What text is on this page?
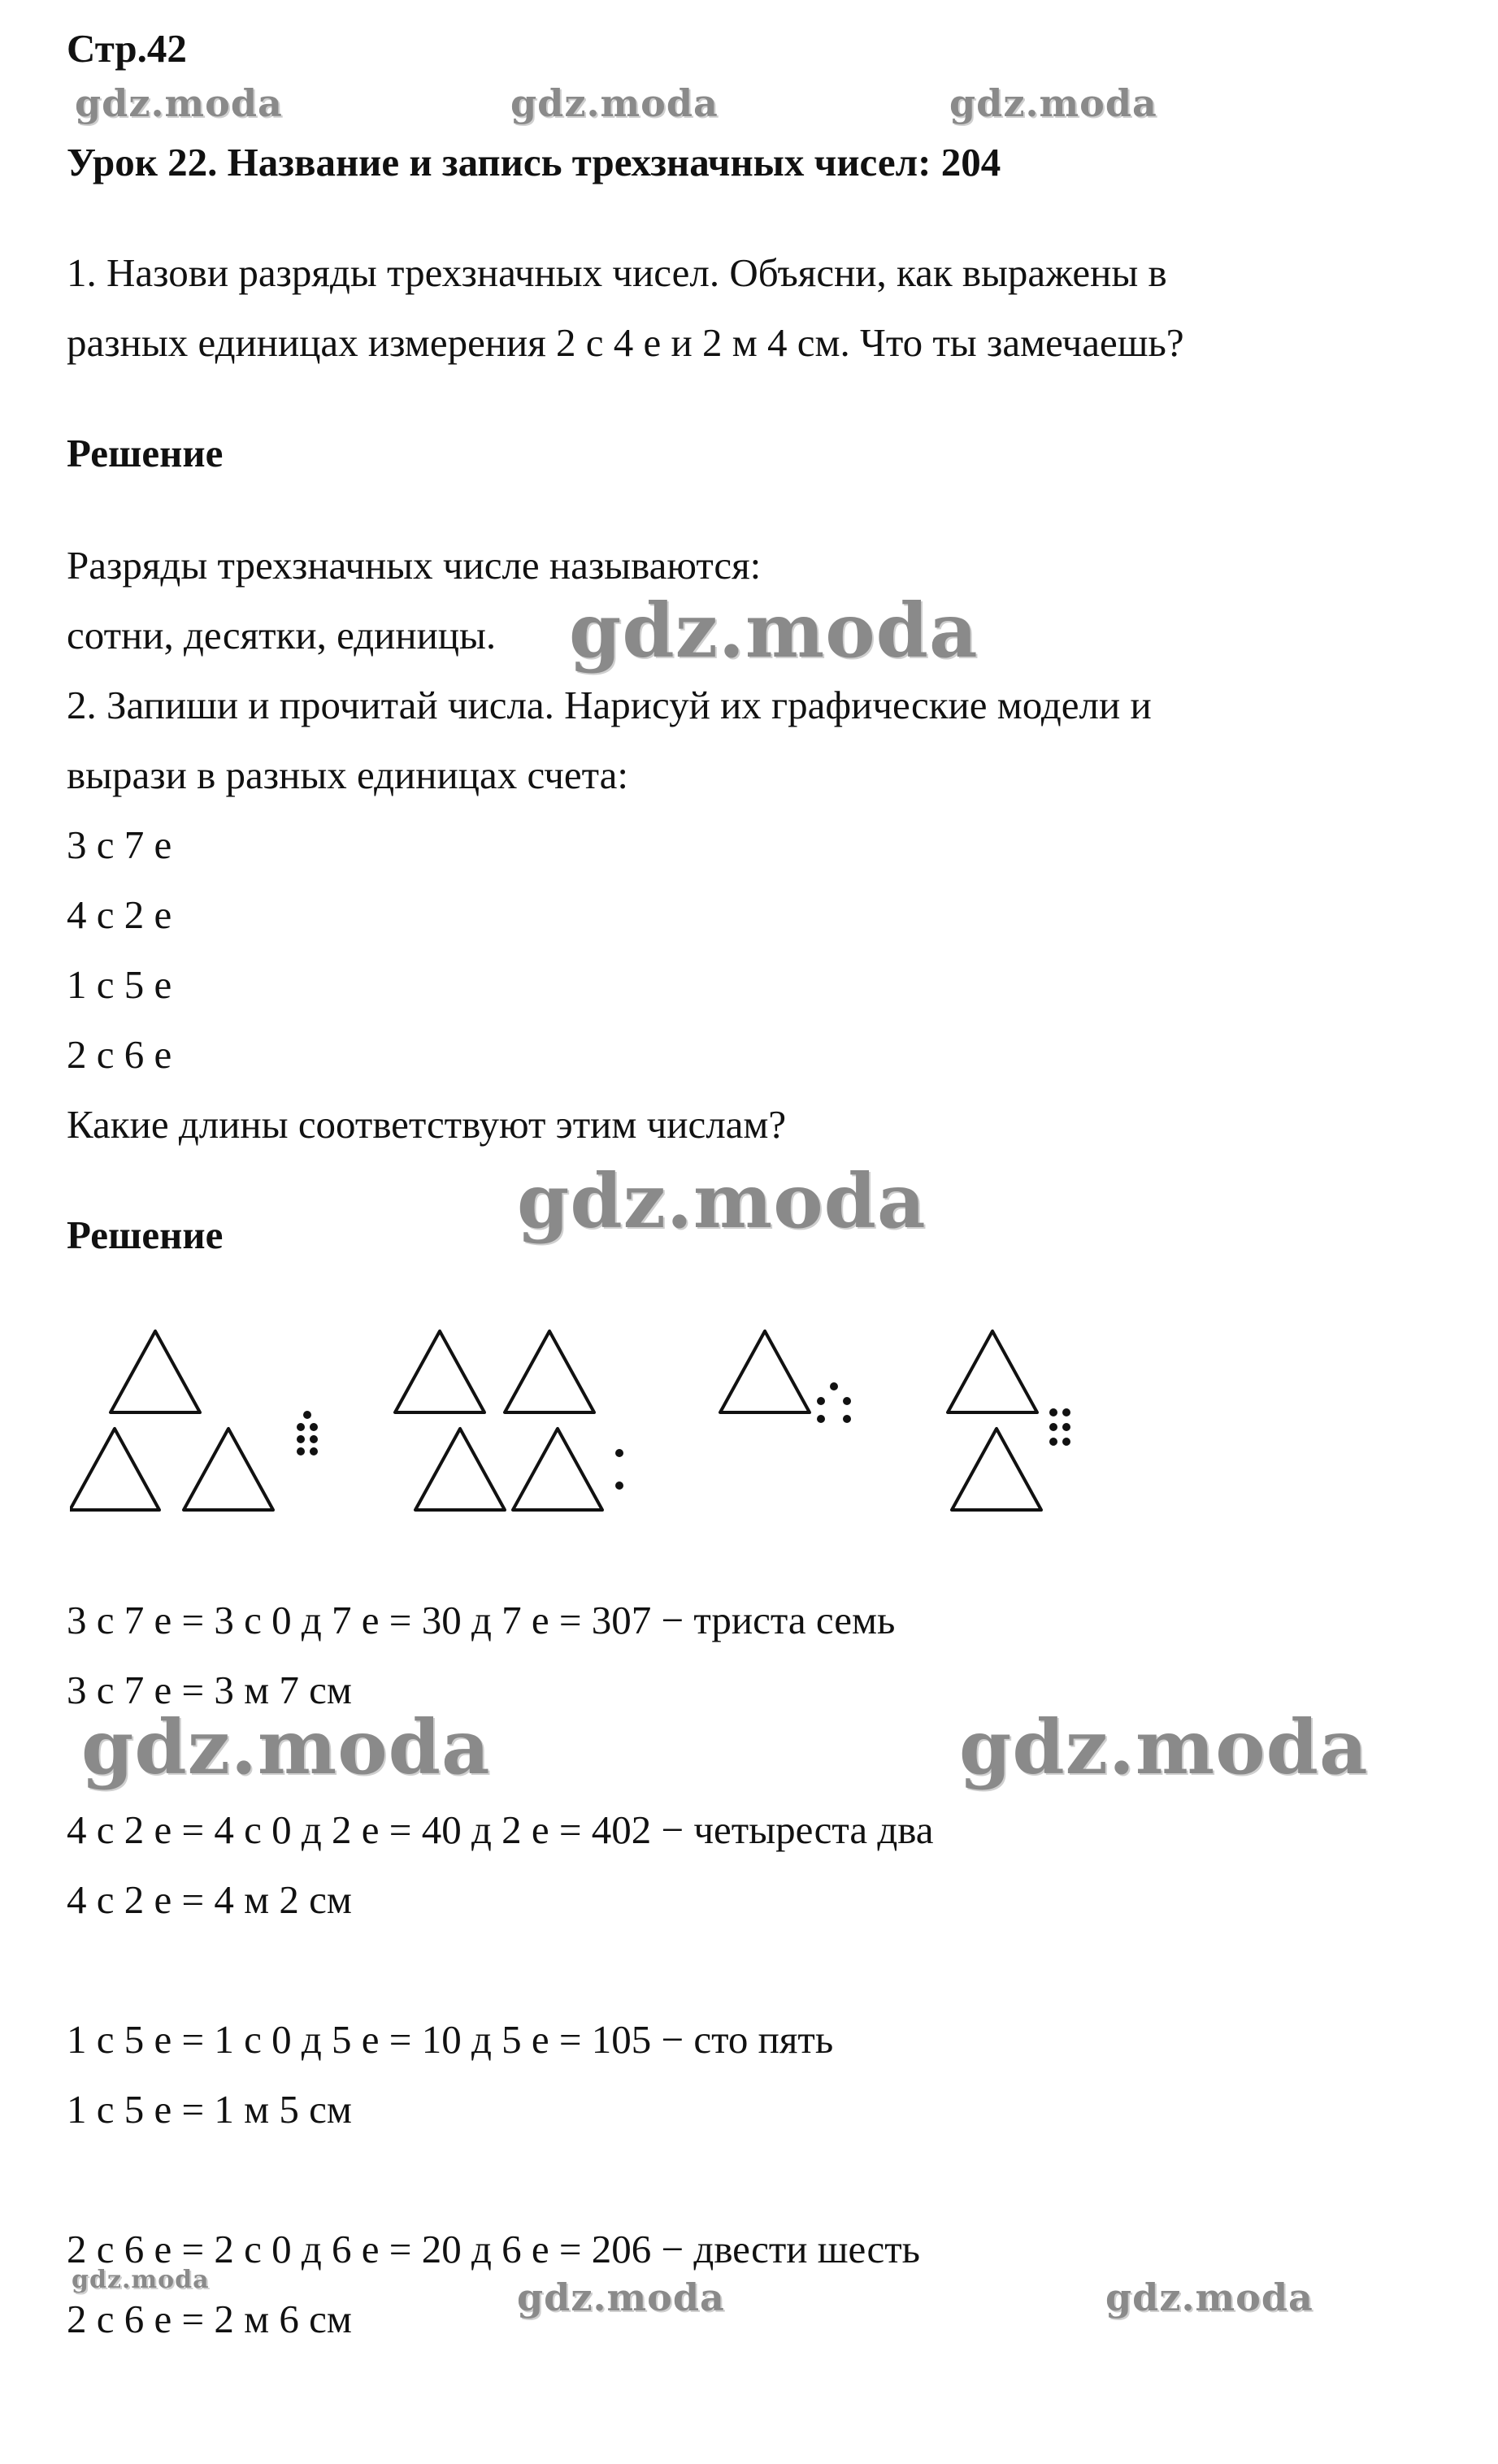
Стр.42
Урок 22. Название и запись трехзначных чисел: 204
1. Назови разряды трехзначных чисел. Объясни, как выражены в
разных единицах измерения 2 с 4 е и 2 м 4 см. Что ты замечаешь?
Решение
Разряды трехзначных числе называются:
сотни, десятки, единицы.
2. Запиши и прочитай числа. Нарисуй их графические модели и
вырази в разных единицах счета:
3 с 7 е
4 с 2 е
1 с 5 е
2 с 6 е
Какие длины соответствуют этим числам?
Решение
3 с 7 е = 3 с 0 д 7 е = 30 д 7 е = 307 − триста семь
3 с 7 е = 3 м 7 см
4 с 2 е = 4 с 0 д 2 е = 40 д 2 е = 402 − четыреста два
4 с 2 е = 4 м 2 см
1 с 5 е = 1 с 0 д 5 е = 10 д 5 е = 105 − сто пять
1 с 5 е = 1 м 5 см
2 с 6 е = 2 с 0 д 6 е = 20 д 6 е = 206 − двести шесть
2 с 6 е = 2 м 6 см
gdz.moda	gdz.moda	gdz.moda
gdz.moda
gdz.moda
gdz.moda	gdz.moda
gdz.moda	gdz.moda	gdz.moda
